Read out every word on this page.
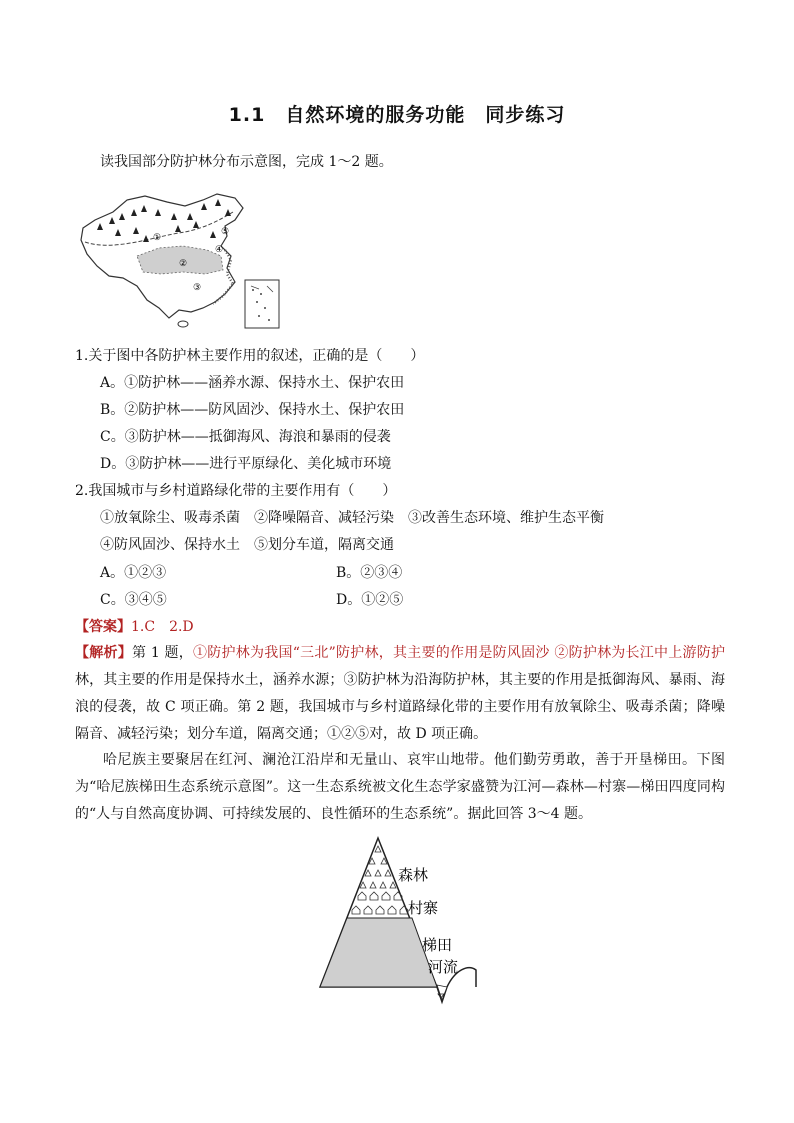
1.1　自然环境的服务功能　同步练习
读我国部分防护林分布示意图，完成 1～2 题。
①
②
③
④
⑤
1.关于图中各防护林主要作用的叙述，正确的是（　　）
A。①防护林——涵养水源、保持水土、保护农田
B。②防护林——防风固沙、保持水土、保护农田
C。③防护林——抵御海风、海浪和暴雨的侵袭
D。③防护林——进行平原绿化、美化城市环境
2.我国城市与乡村道路绿化带的主要作用有（　　）
①放氧除尘、吸毒杀菌　②降噪隔音、减轻污染　③改善生态环境、维护生态平衡
④防风固沙、保持水土　⑤划分车道，隔离交通
A。①②③	B。②③④
C。③④⑤	D。①②⑤
【答案】1.C　2.D
【解析】第 1 题，①防护林为我国“三北”防护林，其主要的作用是防风固沙 ②防护林为长江中上游防护林，其主要的作用是保持水土，涵养水源；③防护林为沿海防护林，其主要的作用是抵御海风、暴雨、海浪的侵袭，故 C 项正确。第 2 题，我国城市与乡村道路绿化带的主要作用有放氧除尘、吸毒杀菌；降噪隔音、减轻污染；划分车道，隔离交通；①②⑤对，故 D 项正确。
哈尼族主要聚居在红河、澜沧江沿岸和无量山、哀牢山地带。他们勤劳勇敢，善于开垦梯田。下图为“哈尼族梯田生态系统示意图”。这一生态系统被文化生态学家盛赞为江河—森林—村寨—梯田四度同构的“人与自然高度协调、可持续发展的、良性循环的生态系统”。据此回答 3～4 题。
森林
村寨
梯田
河流
